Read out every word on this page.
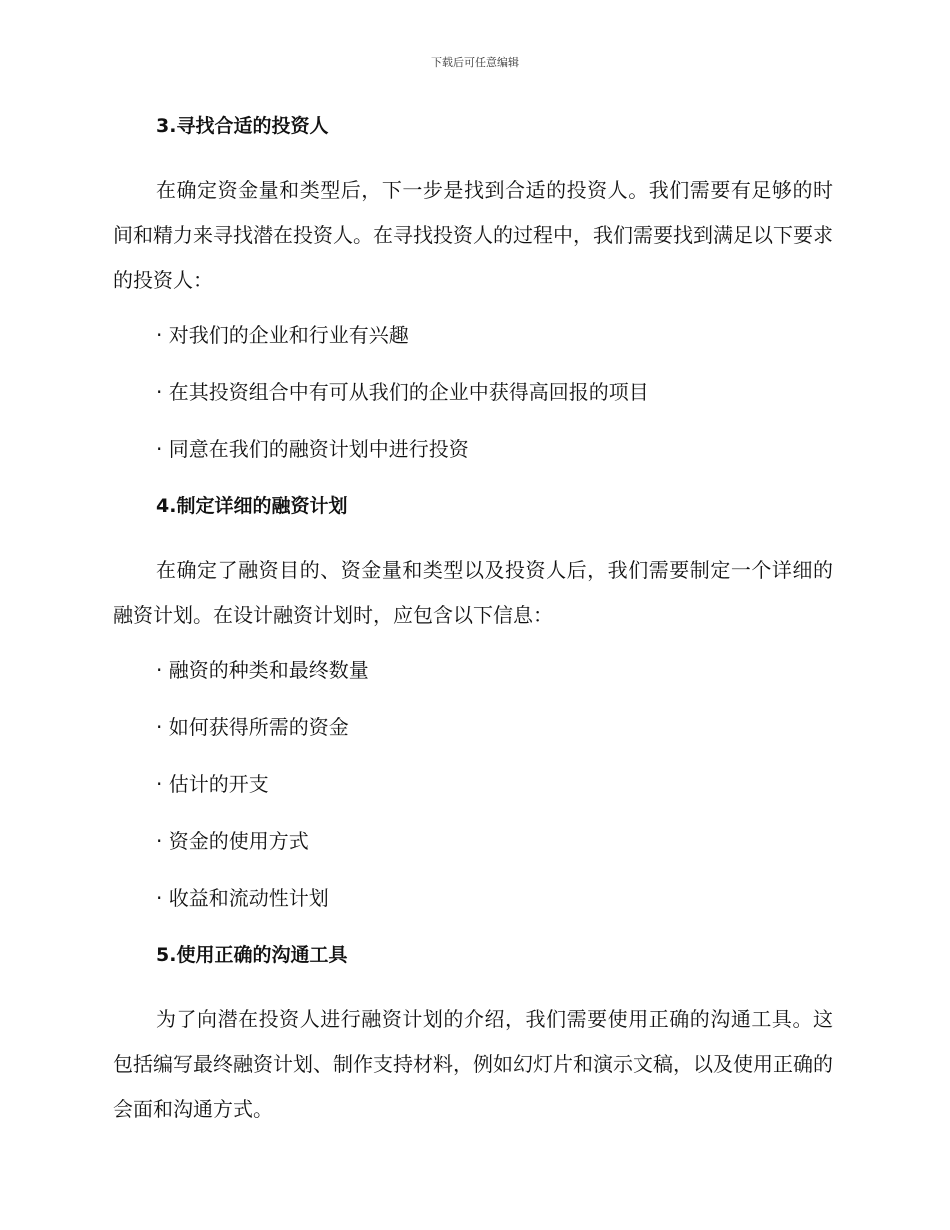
下载后可任意编辑
3.寻找合适的投资人
在确定资金量和类型后，下一步是找到合适的投资人。我们需要有足够的时间和精力来寻找潜在投资人。在寻找投资人的过程中，我们需要找到满足以下要求的投资人：
· 对我们的企业和行业有兴趣
· 在其投资组合中有可从我们的企业中获得高回报的项目
· 同意在我们的融资计划中进行投资
4.制定详细的融资计划
在确定了融资目的、资金量和类型以及投资人后，我们需要制定一个详细的融资计划。在设计融资计划时，应包含以下信息：
· 融资的种类和最终数量
· 如何获得所需的资金
· 估计的开支
· 资金的使用方式
· 收益和流动性计划
5.使用正确的沟通工具
为了向潜在投资人进行融资计划的介绍，我们需要使用正确的沟通工具。这包括编写最终融资计划、制作支持材料，例如幻灯片和演示文稿，以及使用正确的会面和沟通方式。
